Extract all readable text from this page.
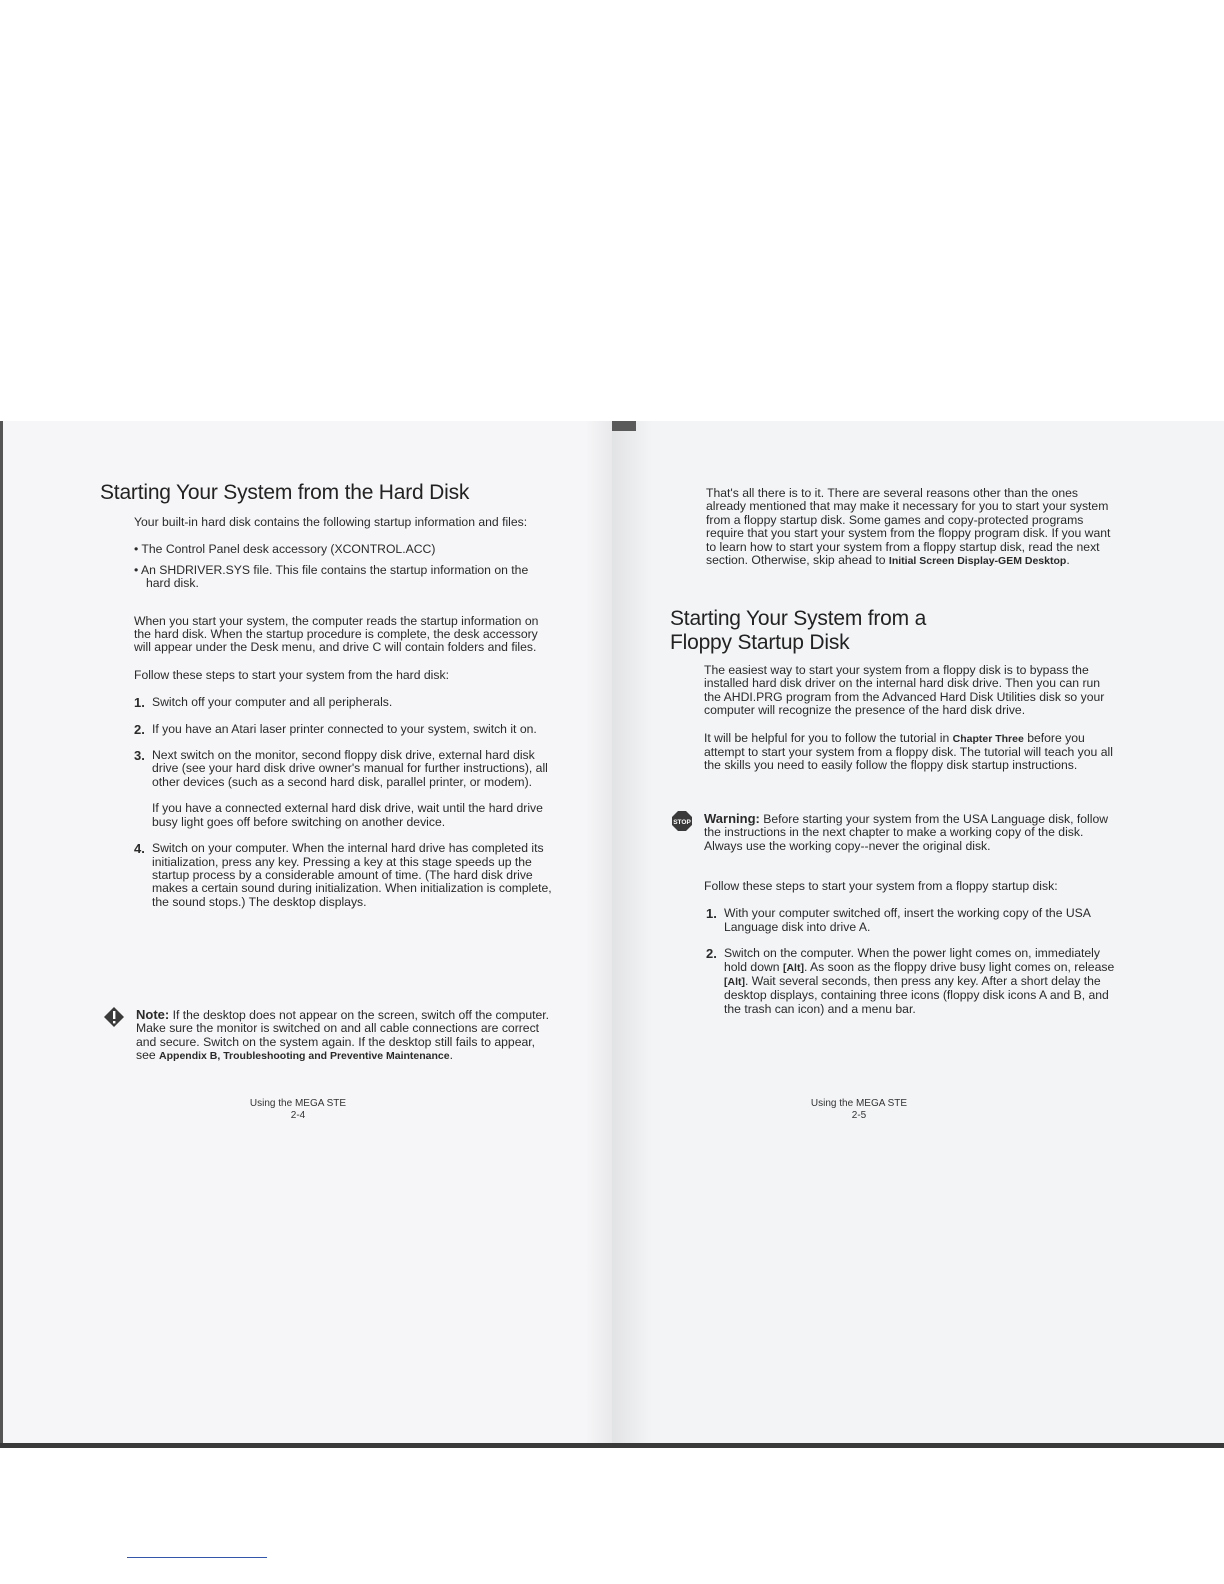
Starting Your System from the Hard Disk

Your built-in hard disk contains the following startup information and files:

• The Control Panel desk accessory (XCONTROL.ACC)
• An SHDRIVER.SYS file. This file contains the startup information on the hard disk.

When you start your system, the computer reads the startup information on the hard disk. When the startup procedure is complete, the desk accessory will appear under the Desk menu, and drive C will contain folders and files.

Follow these steps to start your system from the hard disk:

1. Switch off your computer and all peripherals.

2. If you have an Atari laser printer connected to your system, switch it on.

3. Next switch on the monitor, second floppy disk drive, external hard disk drive (see your hard disk drive owner's manual for further instructions), all other devices (such as a second hard disk, parallel printer, or modem).

If you have a connected external hard disk drive, wait until the hard drive busy light goes off before switching on another device.

4. Switch on your computer. When the internal hard drive has completed its initialization, press any key. Pressing a key at this stage speeds up the startup process by a considerable amount of time. (The hard disk drive makes a certain sound during initialization. When initialization is complete, the sound stops.) The desktop displays.

Note: If the desktop does not appear on the screen, switch off the computer. Make sure the monitor is switched on and all cable connections are correct and secure. Switch on the system again. If the desktop still fails to appear, see Appendix B, Troubleshooting and Preventive Maintenance.

Using the MEGA STE
2-4

That's all there is to it. There are several reasons other than the ones already mentioned that may make it necessary for you to start your system from a floppy startup disk. Some games and copy-protected programs require that you start your system from the floppy program disk. If you want to learn how to start your system from a floppy startup disk, read the next section. Otherwise, skip ahead to Initial Screen Display-GEM Desktop.

Starting Your System from a
Floppy Startup Disk

The easiest way to start your system from a floppy disk is to bypass the installed hard disk driver on the internal hard disk drive. Then you can run the AHDI.PRG program from the Advanced Hard Disk Utilities disk so your computer will recognize the presence of the hard disk drive.

It will be helpful for you to follow the tutorial in Chapter Three before you attempt to start your system from a floppy disk. The tutorial will teach you all the skills you need to easily follow the floppy disk startup instructions.

STOP Warning: Before starting your system from the USA Language disk, follow the instructions in the next chapter to make a working copy of the disk. Always use the working copy--never the original disk.

Follow these steps to start your system from a floppy startup disk:

1. With your computer switched off, insert the working copy of the USA Language disk into drive A.

2. Switch on the computer. When the power light comes on, immediately hold down [Alt]. As soon as the floppy drive busy light comes on, release [Alt]. Wait several seconds, then press any key. After a short delay the desktop displays, containing three icons (floppy disk icons A and B, and the trash can icon) and a menu bar.

Using the MEGA STE
2-5
